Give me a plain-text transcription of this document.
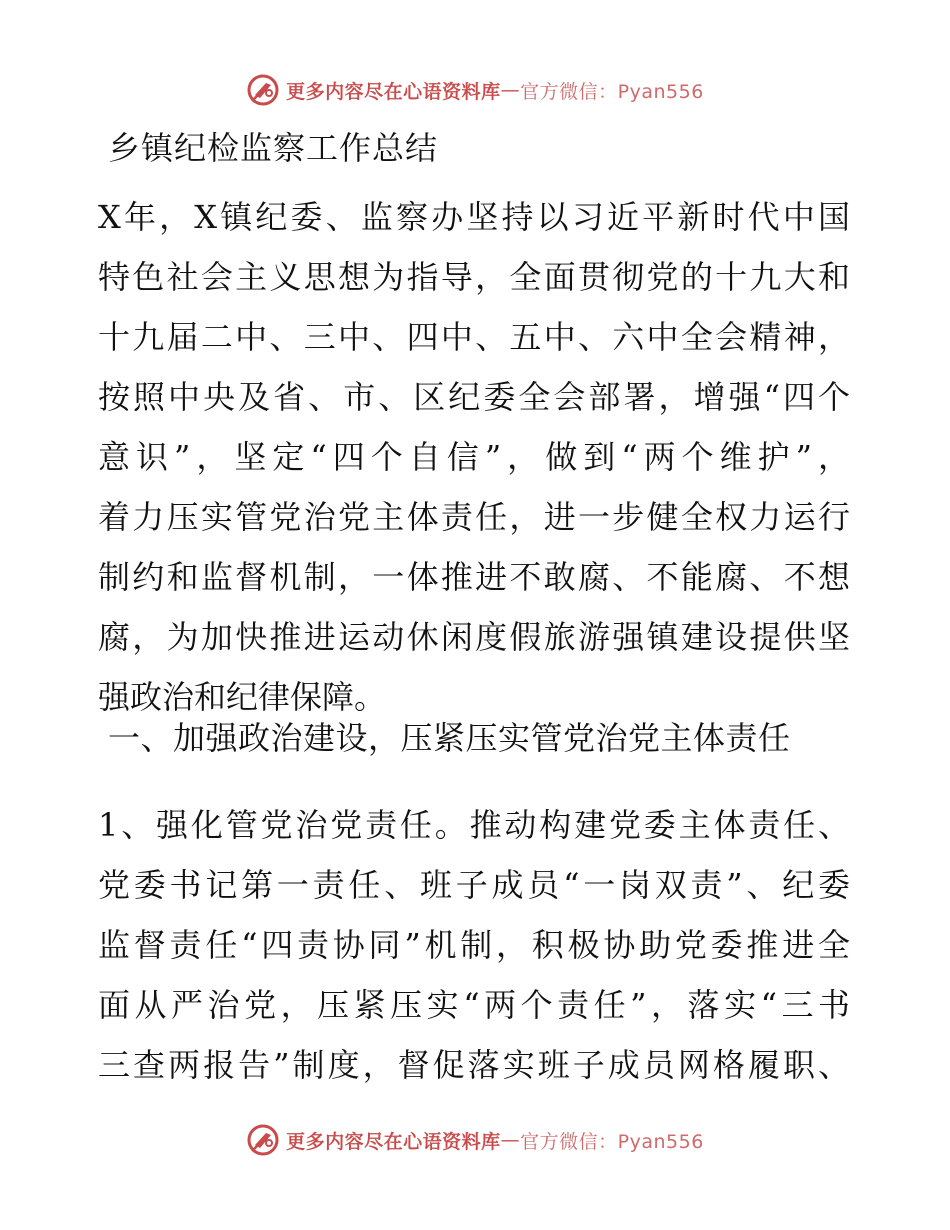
更多内容尽在心语资料库 — 官方微信：Pyan556
乡镇纪检监察工作总结
X年，X镇纪委、监察办坚持以习近平新时代中国
特色社会主义思想为指导，全面贯彻党的十九大和
十九届二中、三中、四中、五中、六中全会精神，
按照中央及省、市、区纪委全会部署，增强“四个
意识”，坚定“四个自信”，做到“两个维护”，
着力压实管党治党主体责任，进一步健全权力运行
制约和监督机制，一体推进不敢腐、不能腐、不想
腐，为加快推进运动休闲度假旅游强镇建设提供坚
强政治和纪律保障。
一、加强政治建设，压紧压实管党治党主体责任
1、强化管党治党责任。推动构建党委主体责任、
党委书记第一责任、班子成员“一岗双责”、纪委
监督责任“四责协同”机制，积极协助党委推进全
面从严治党，压紧压实“两个责任”，落实“三书
三查两报告”制度，督促落实班子成员网格履职、
更多内容尽在心语资料库 — 官方微信：Pyan556
